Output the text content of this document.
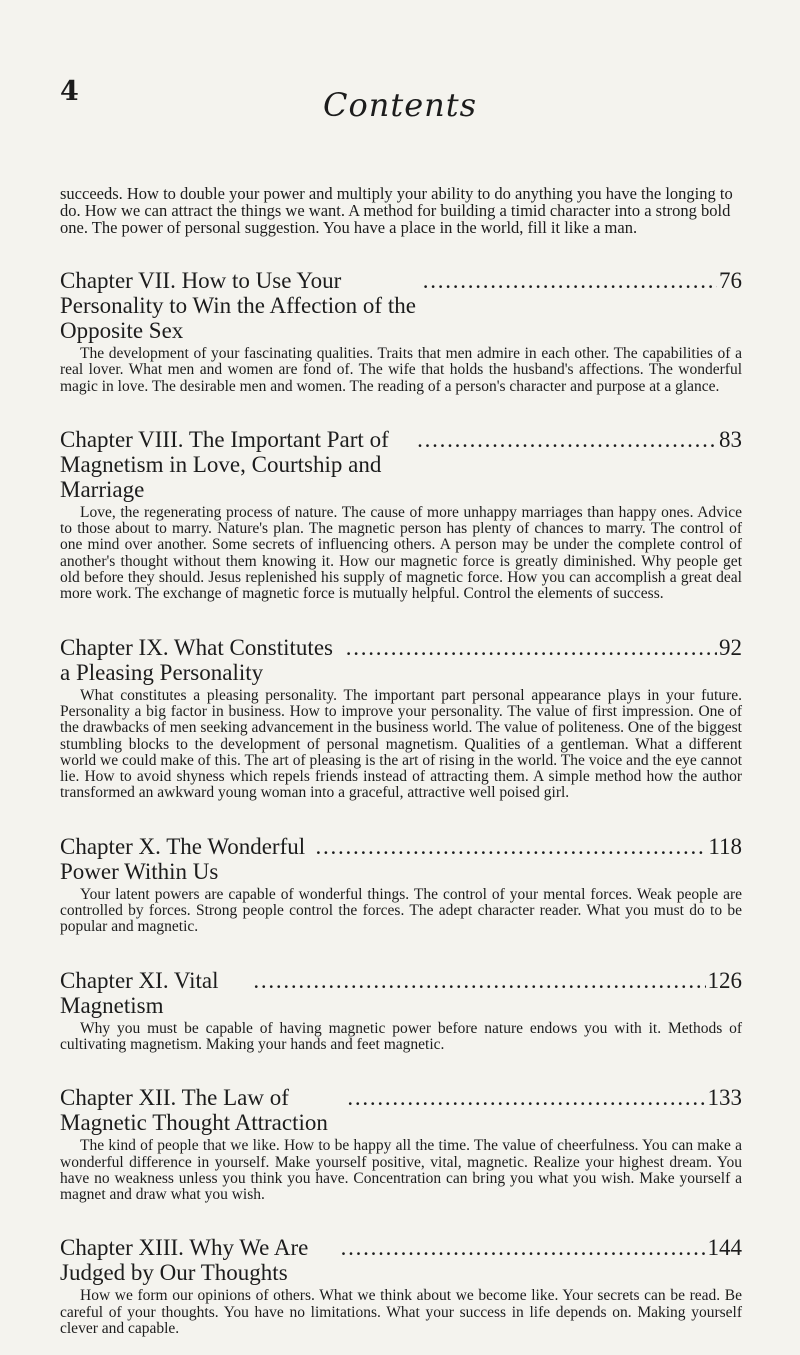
4	Contents

succeeds. How to double your power and multiply your ability to do anything you have the longing to do. How we can attract the things we want. A method for building a timid character into a strong bold one. The power of personal suggestion. You have a place in the world, fill it like a man.

Chapter VII. How to Use Your Personality to Win the Affection of the Opposite Sex
. . .
76

The development of your fascinating qualities. Traits that men admire in each other. The capabilities of a real lover. What men and women are fond of. The wife that holds the husband's affections. The wonderful magic in love. The desirable men and women. The reading of a person's character and purpose at a glance.

Chapter VIII. The Important Part of Magnetism in Love, Courtship and Marriage
. . .
83

Love, the regenerating process of nature. The cause of more unhappy marriages than happy ones. Advice to those about to marry. Nature's plan. The magnetic person has plenty of chances to marry. The control of one mind over another. Some secrets of influencing others. A person may be under the complete control of another's thought without them knowing it. How our magnetic force is greatly diminished. Why people get old before they should. Jesus replenished his supply of magnetic force. How you can accomplish a great deal more work. The exchange of magnetic force is mutually helpful. Control the elements of success.

Chapter IX. What Constitutes a Pleasing Personality
. . .
92

What constitutes a pleasing personality. The important part personal appearance plays in your future. Personality a big factor in business. How to improve your personality. The value of first impression. One of the drawbacks of men seeking advancement in the business world. The value of politeness. One of the biggest stumbling blocks to the development of personal magnetism. Qualities of a gentleman. What a different world we could make of this. The art of pleasing is the art of rising in the world. The voice and the eye cannot lie. How to avoid shyness which repels friends instead of attracting them. A simple method how the author transformed an awkward young woman into a graceful, attractive well poised girl.

Chapter X. The Wonderful Power Within Us
. . .
118

Your latent powers are capable of wonderful things. The control of your mental forces. Weak people are controlled by forces. Strong people control the forces. The adept character reader. What you must do to be popular and magnetic.

Chapter XI. Vital Magnetism
. . .
126

Why you must be capable of having magnetic power before nature endows you with it. Methods of cultivating magnetism. Making your hands and feet magnetic.

Chapter XII. The Law of Magnetic Thought Attraction
. . .
133

The kind of people that we like. How to be happy all the time. The value of cheerfulness. You can make a wonderful difference in yourself. Make yourself positive, vital, magnetic. Realize your highest dream. You have no weakness unless you think you have. Concentration can bring you what you wish. Make yourself a magnet and draw what you wish.

Chapter XIII. Why We Are Judged by Our Thoughts
. . .
144

How we form our opinions of others. What we think about we become like. Your secrets can be read. Be careful of your thoughts. You have no limitations. What your success in life depends on. Making yourself clever and capable.
